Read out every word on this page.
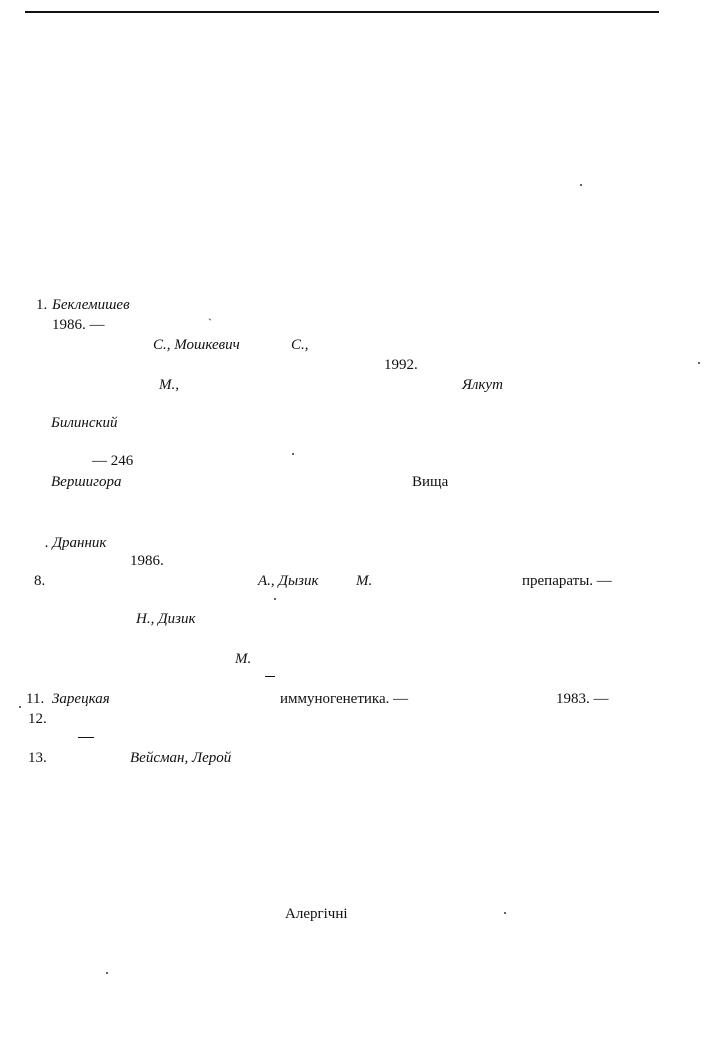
1. Беклемишев
1986. —	`
С., Мошкевич	С.,
1992.
М.,	Ялкут
Билинский
— 246
Вершигора	Вища
. Дранник
1986.
8.	А., Дызик	М.	препараты. —
Н., Дизик
М.
11. Зарецкая	иммуногенетика. —	1983. —
12.
13.	Вейсман, Лерой
Алергічні
